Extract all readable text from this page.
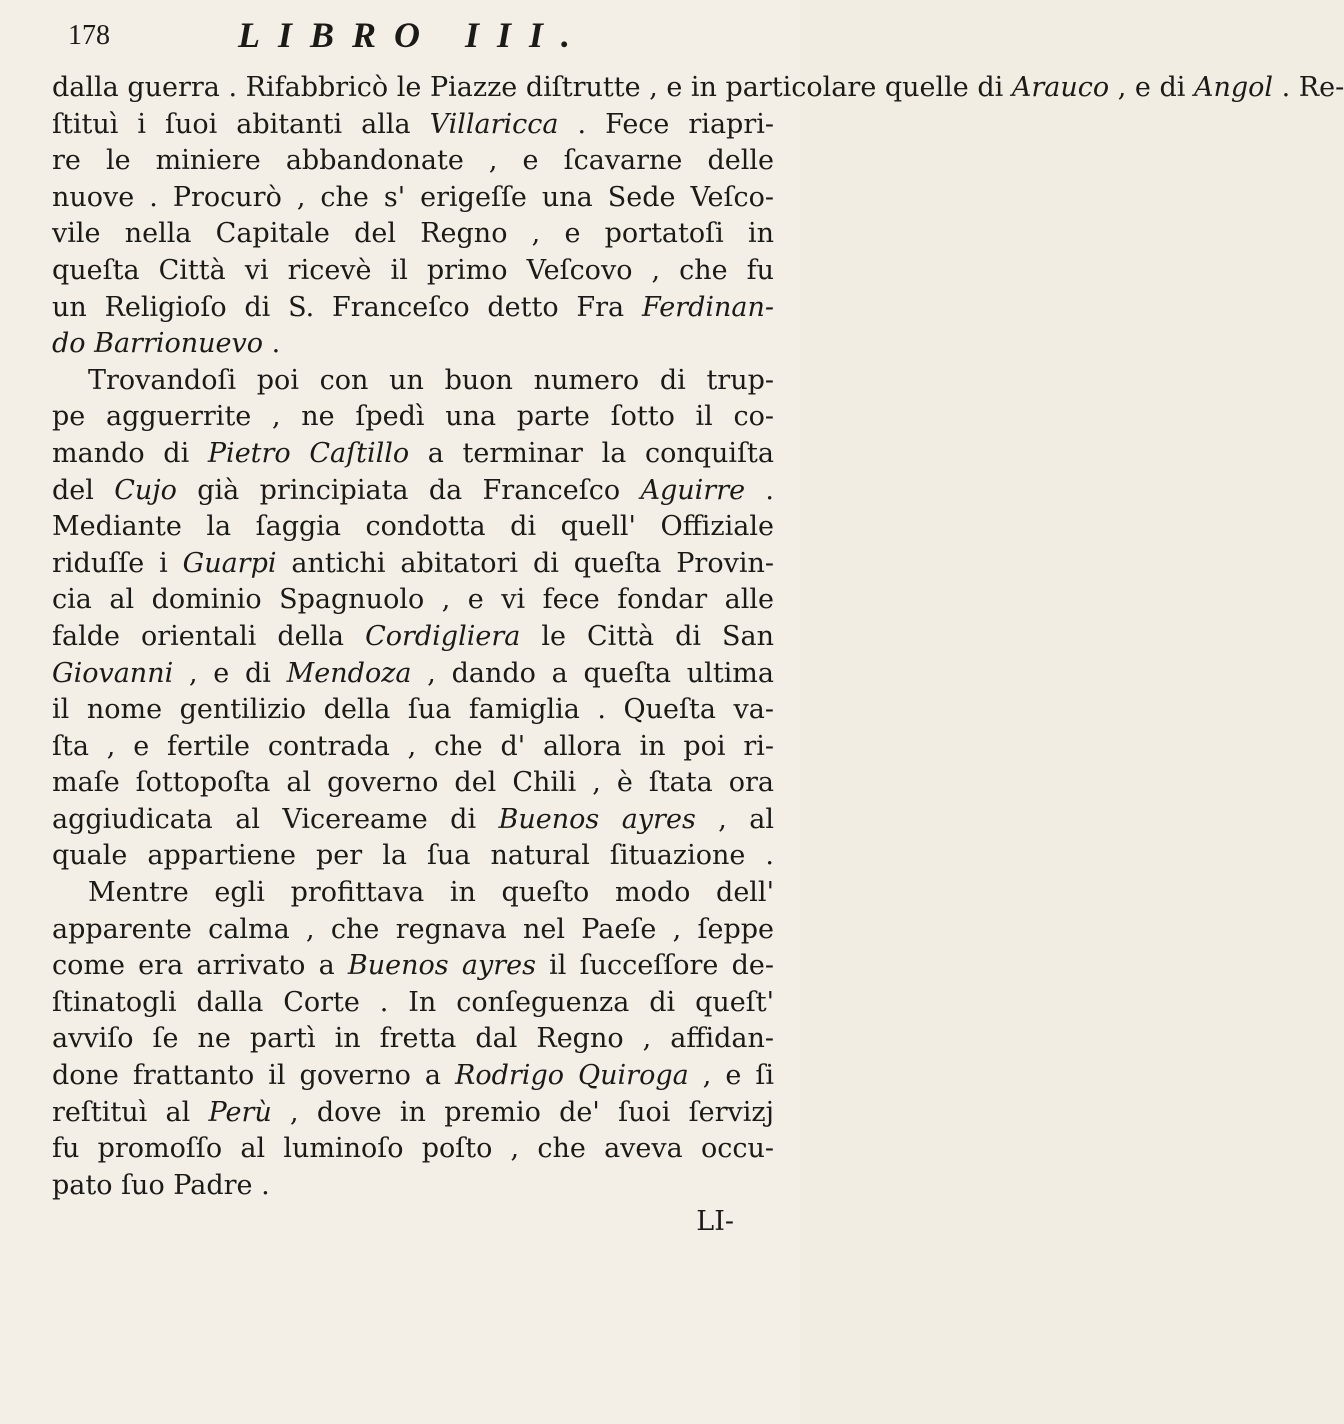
178	LIBRO III.
dalla guerra . Rifabbricò le Piazze diſtrutte , e in particolare quelle di Arauco , e di Angol . Re-
ſtituì i ſuoi abitanti alla Villaricca . Fece riapri-
re le miniere abbandonate , e ſcavarne delle
nuove . Procurò , che s' erigeſſe una Sede Veſco-
vile nella Capitale del Regno , e portatoſi in
queſta Città vi ricevè il primo Veſcovo , che fu
un Religioſo di S. Franceſco detto Fra Ferdinan-
do Barrionuevo .
Trovandoſi poi con un buon numero di trup-
pe agguerrite , ne ſpedì una parte ſotto il co-
mando di Pietro Caſtillo a terminar la conquiſta
del Cujo già principiata da Franceſco Aguirre .
Mediante la ſaggia condotta di quell' Offiziale
riduſſe i Guarpi antichi abitatori di queſta Provin-
cia al dominio Spagnuolo , e vi fece fondar alle
falde orientali della Cordigliera le Città di San
Giovanni , e di Mendoza , dando a queſta ultima
il nome gentilizio della ſua famiglia . Queſta va-
ſta , e fertile contrada , che d' allora in poi ri-
maſe ſottopoſta al governo del Chili , è ſtata ora
aggiudicata al Vicereame di Buenos ayres , al
quale appartiene per la ſua natural ſituazione .
Mentre egli profittava in queſto modo dell'
apparente calma , che regnava nel Paeſe , ſeppe
come era arrivato a Buenos ayres il ſucceſſore de-
ſtinatogli dalla Corte . In conſeguenza di queſt'
avviſo ſe ne partì in fretta dal Regno , affidan-
done frattanto il governo a Rodrigo Quiroga , e ſi
reſtituì al Perù , dove in premio de' ſuoi ſervizj
fu promoſſo al luminoſo poſto , che aveva occu-
pato ſuo Padre .
LI-
